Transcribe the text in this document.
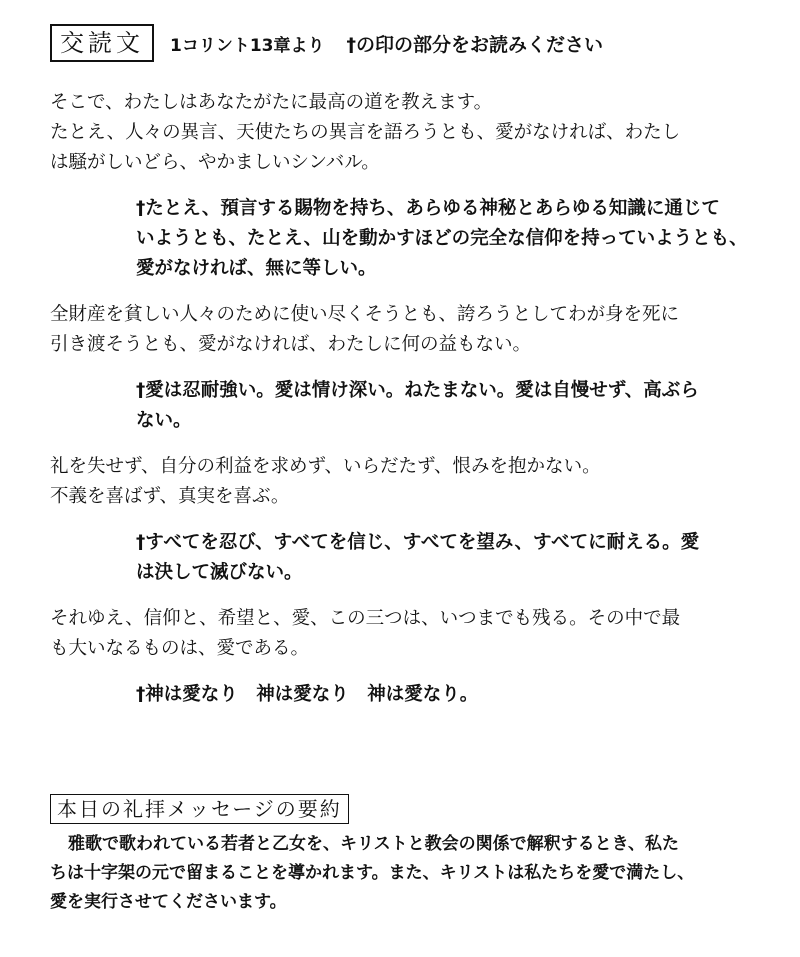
交読文	1コリント13章より †の印の部分をお読みください
そこで、わたしはあなたがたに最高の道を教えます。
たとえ、人々の異言、天使たちの異言を語ろうとも、愛がなければ、わたし
は騒がしいどら、やかましいシンバル。
†たとえ、預言する賜物を持ち、あらゆる神秘とあらゆる知識に通じて
いようとも、たとえ、山を動かすほどの完全な信仰を持っていようとも、
愛がなければ、無に等しい。
全財産を貧しい人々のために使い尽くそうとも、誇ろうとしてわが身を死に
引き渡そうとも、愛がなければ、わたしに何の益もない。
†愛は忍耐強い。愛は情け深い。ねたまない。愛は自慢せず、高ぶら
ない。
礼を失せず、自分の利益を求めず、いらだたず、恨みを抱かない。
不義を喜ばず、真実を喜ぶ。
†すべてを忍び、すべてを信じ、すべてを望み、すべてに耐える。愛
は決して滅びない。
それゆえ、信仰と、希望と、愛、この三つは、いつまでも残る。その中で最
も大いなるものは、愛である。
†神は愛なり　神は愛なり　神は愛なり。
本日の礼拝メッセージの要約
雅歌で歌われている若者と乙女を、キリストと教会の関係で解釈するとき、私た
ちは十字架の元で留まることを導かれます。また、キリストは私たちを愛で満たし、
愛を実行させてくださいます。
